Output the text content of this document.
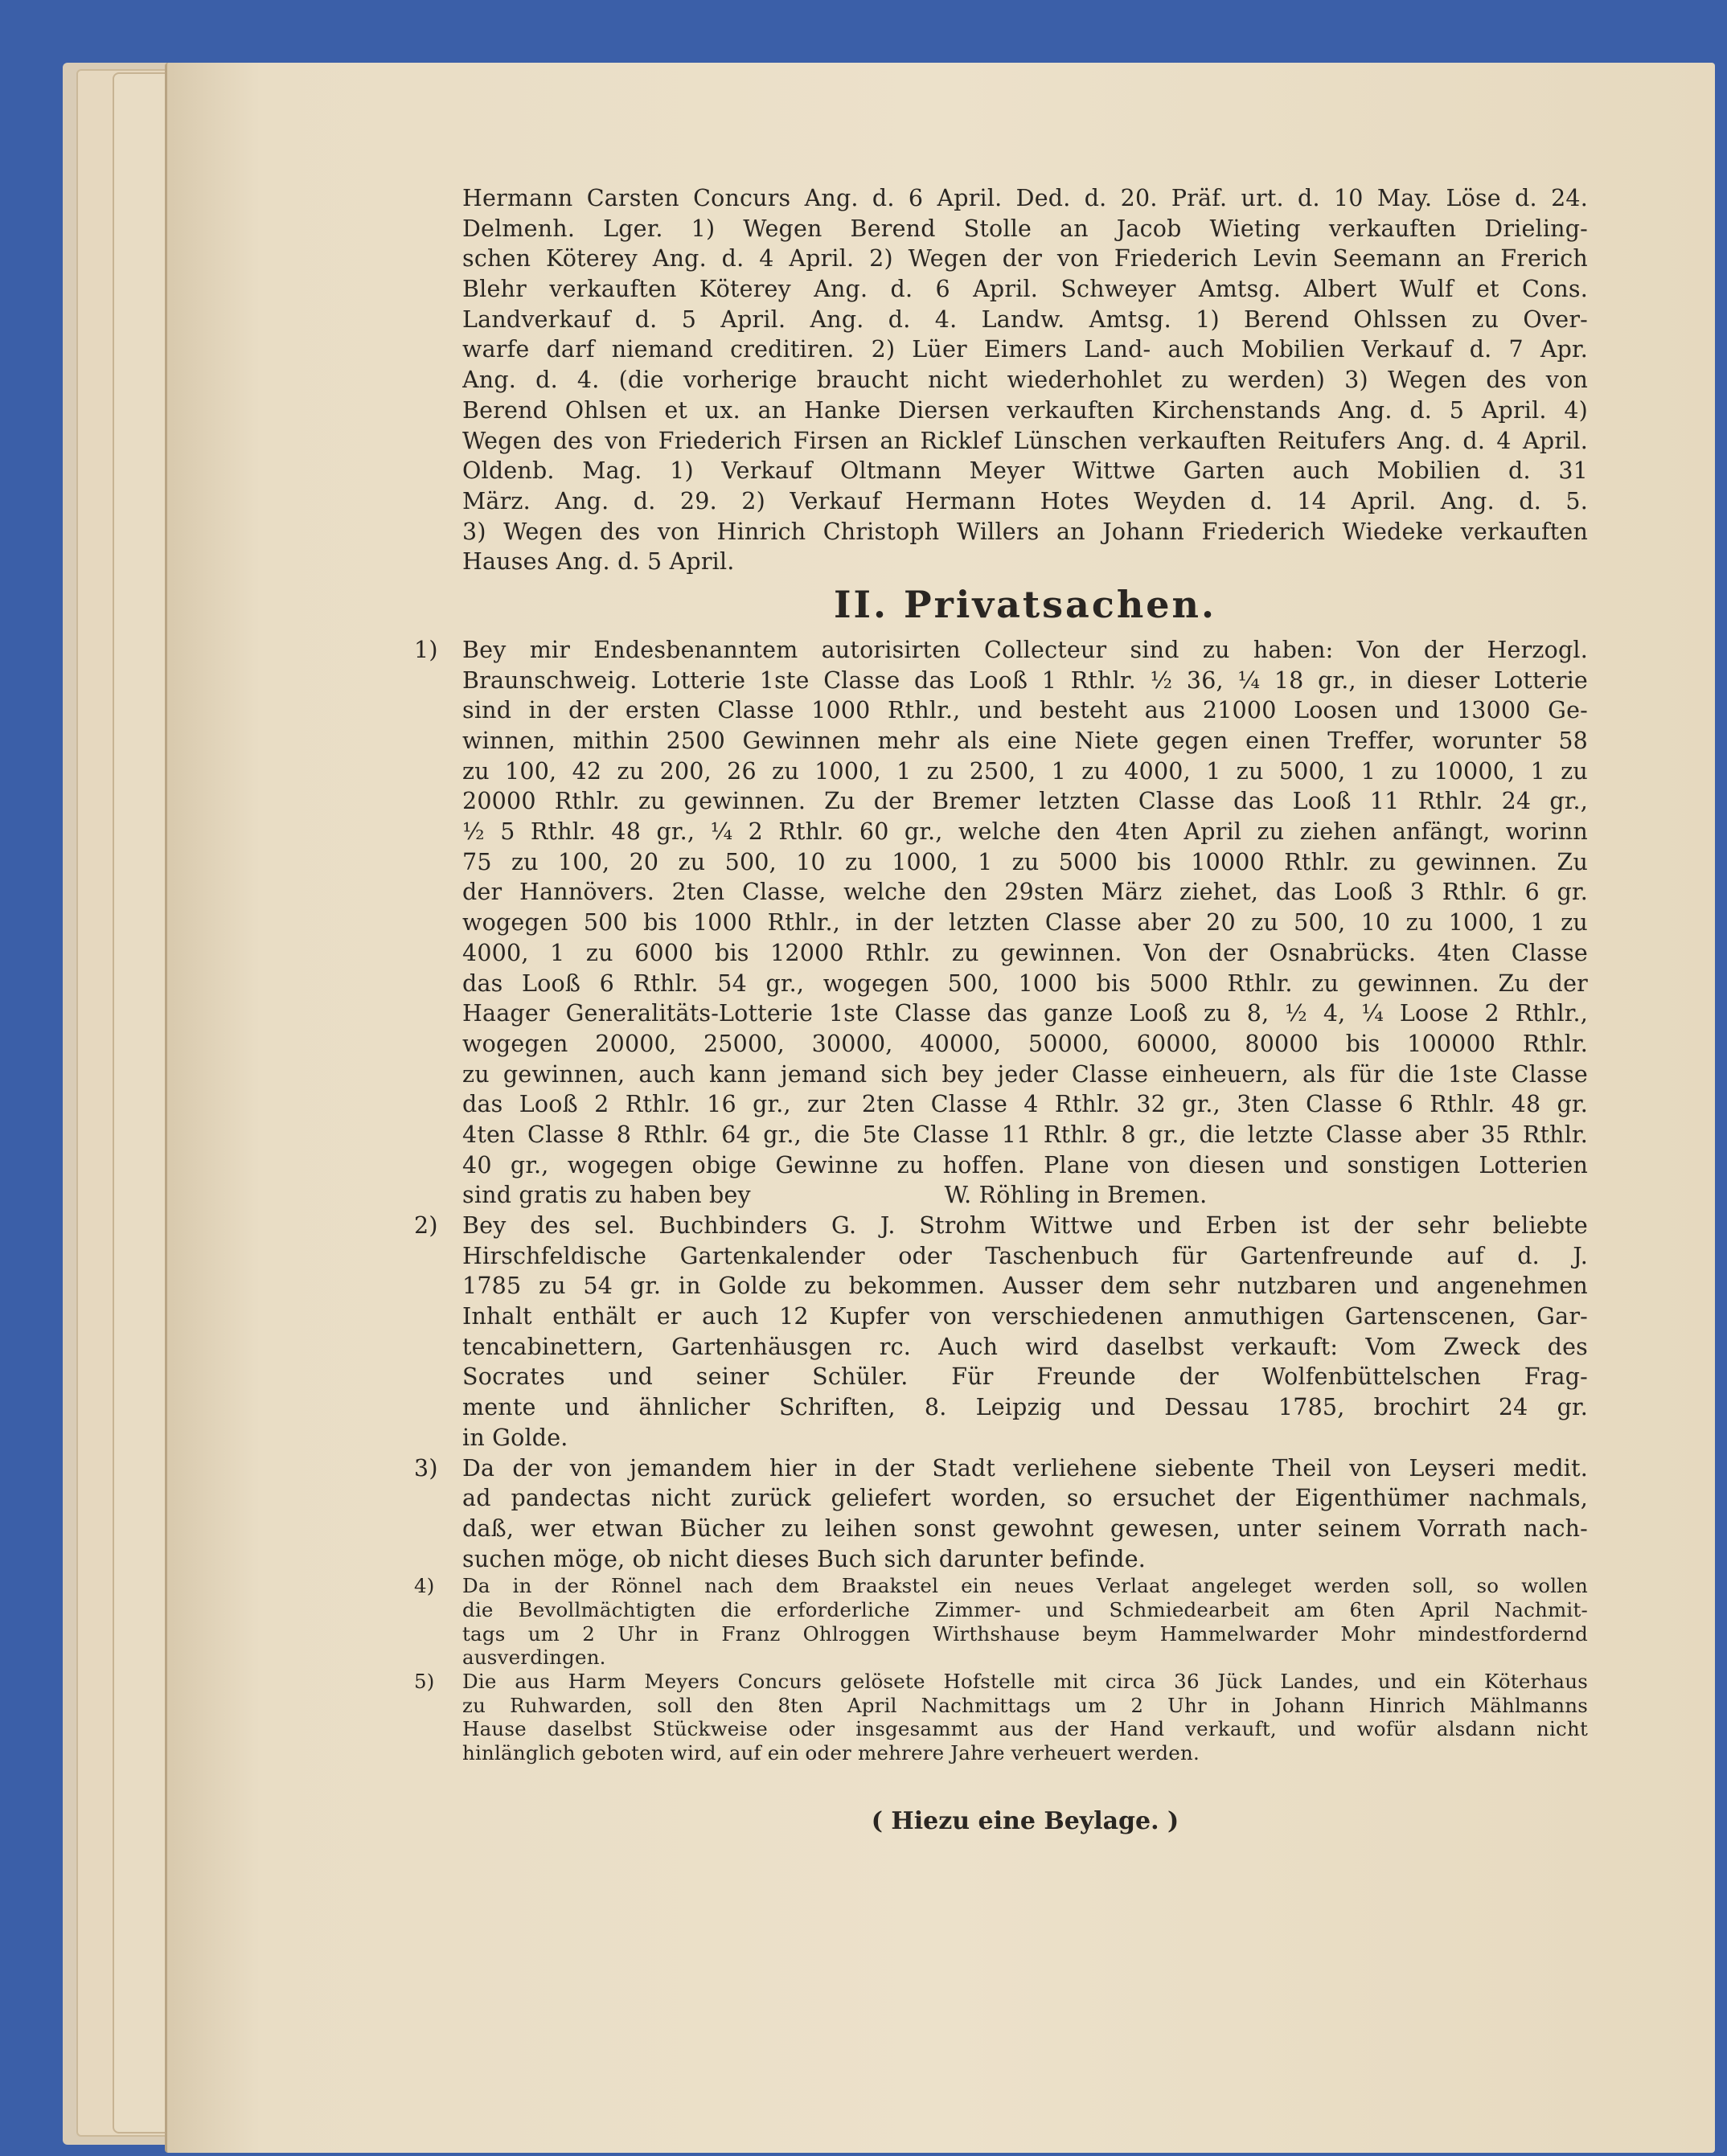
Hermann Carsten Concurs Ang. d. 6 April. Ded. d. 20. Präf. urt. d. 10 May. Löse d. 24.
Delmenh. Lger. 1) Wegen Berend Stolle an Jacob Wieting verkauften Drieling-
schen Köterey Ang. d. 4 April. 2) Wegen der von Friederich Levin Seemann an Frerich
Blehr verkauften Köterey Ang. d. 6 April. Schweyer Amtsg. Albert Wulf et Cons.
Landverkauf d. 5 April. Ang. d. 4. Landw. Amtsg. 1) Berend Ohlssen zu Over-
warfe darf niemand creditiren. 2) Lüer Eimers Land- auch Mobilien Verkauf d. 7 Apr.
Ang. d. 4. (die vorherige braucht nicht wiederhohlet zu werden) 3) Wegen des von
Berend Ohlsen et ux. an Hanke Diersen verkauften Kirchenstands Ang. d. 5 April. 4)
Wegen des von Friederich Firsen an Ricklef Lünschen verkauften Reitufers Ang. d. 4 April.
Oldenb. Mag. 1) Verkauf Oltmann Meyer Wittwe Garten auch Mobilien d. 31
März. Ang. d. 29. 2) Verkauf Hermann Hotes Weyden d. 14 April. Ang. d. 5.
3) Wegen des von Hinrich Christoph Willers an Johann Friederich Wiedeke verkauften
Hauses Ang. d. 5 April.
II. Privatsachen.
1)	Bey mir Endesbenanntem autorisirten Collecteur sind zu haben: Von der Herzogl.
Braunschweig. Lotterie 1ste Classe das Looß 1 Rthlr. ½ 36, ¼ 18 gr., in dieser Lotterie
sind in der ersten Classe 1000 Rthlr., und besteht aus 21000 Loosen und 13000 Ge-
winnen, mithin 2500 Gewinnen mehr als eine Niete gegen einen Treffer, worunter 58
zu 100, 42 zu 200, 26 zu 1000, 1 zu 2500, 1 zu 4000, 1 zu 5000, 1 zu 10000, 1 zu
20000 Rthlr. zu gewinnen. Zu der Bremer letzten Classe das Looß 11 Rthlr. 24 gr.,
½ 5 Rthlr. 48 gr., ¼ 2 Rthlr. 60 gr., welche den 4ten April zu ziehen anfängt, worinn
75 zu 100, 20 zu 500, 10 zu 1000, 1 zu 5000 bis 10000 Rthlr. zu gewinnen. Zu
der Hannövers. 2ten Classe, welche den 29sten März ziehet, das Looß 3 Rthlr. 6 gr.
wogegen 500 bis 1000 Rthlr., in der letzten Classe aber 20 zu 500, 10 zu 1000, 1 zu
4000, 1 zu 6000 bis 12000 Rthlr. zu gewinnen. Von der Osnabrücks. 4ten Classe
das Looß 6 Rthlr. 54 gr., wogegen 500, 1000 bis 5000 Rthlr. zu gewinnen. Zu der
Haager Generalitäts-Lotterie 1ste Classe das ganze Looß zu 8, ½ 4, ¼ Loose 2 Rthlr.,
wogegen 20000, 25000, 30000, 40000, 50000, 60000, 80000 bis 100000 Rthlr.
zu gewinnen, auch kann jemand sich bey jeder Classe einheuern, als für die 1ste Classe
das Looß 2 Rthlr. 16 gr., zur 2ten Classe 4 Rthlr. 32 gr., 3ten Classe 6 Rthlr. 48 gr.
4ten Classe 8 Rthlr. 64 gr., die 5te Classe 11 Rthlr. 8 gr., die letzte Classe aber 35 Rthlr.
40 gr., wogegen obige Gewinne zu hoffen. Plane von diesen und sonstigen Lotterien
sind gratis zu haben bey                          W. Röhling in Bremen.
2)	Bey des sel. Buchbinders G. J. Strohm Wittwe und Erben ist der sehr beliebte
Hirschfeldische Gartenkalender oder Taschenbuch für Gartenfreunde auf d. J.
1785 zu 54 gr. in Golde zu bekommen. Ausser dem sehr nutzbaren und angenehmen
Inhalt enthält er auch 12 Kupfer von verschiedenen anmuthigen Gartenscenen, Gar-
tencabinettern, Gartenhäusgen rc. Auch wird daselbst verkauft: Vom Zweck des
Socrates und seiner Schüler. Für Freunde der Wolfenbüttelschen Frag-
mente und ähnlicher Schriften, 8. Leipzig und Dessau 1785, brochirt 24 gr.
in Golde.
3)	Da der von jemandem hier in der Stadt verliehene siebente Theil von Leyseri medit.
ad pandectas nicht zurück geliefert worden, so ersuchet der Eigenthümer nachmals,
daß, wer etwan Bücher zu leihen sonst gewohnt gewesen, unter seinem Vorrath nach-
suchen möge, ob nicht dieses Buch sich darunter befinde.
4)	Da in der Rönnel nach dem Braakstel ein neues Verlaat angeleget werden soll, so wollen
die Bevollmächtigten die erforderliche Zimmer- und Schmiedearbeit am 6ten April Nachmit-
tags um 2 Uhr in Franz Ohlroggen Wirthshause beym Hammelwarder Mohr mindestfordernd
ausverdingen.
5)	Die aus Harm Meyers Concurs gelösete Hofstelle mit circa 36 Jück Landes, und ein Köterhaus
zu Ruhwarden, soll den 8ten April Nachmittags um 2 Uhr in Johann Hinrich Mählmanns
Hause daselbst Stückweise oder insgesammt aus der Hand verkauft, und wofür alsdann nicht
hinlänglich geboten wird, auf ein oder mehrere Jahre verheuert werden.
( Hiezu eine Beylage. )
